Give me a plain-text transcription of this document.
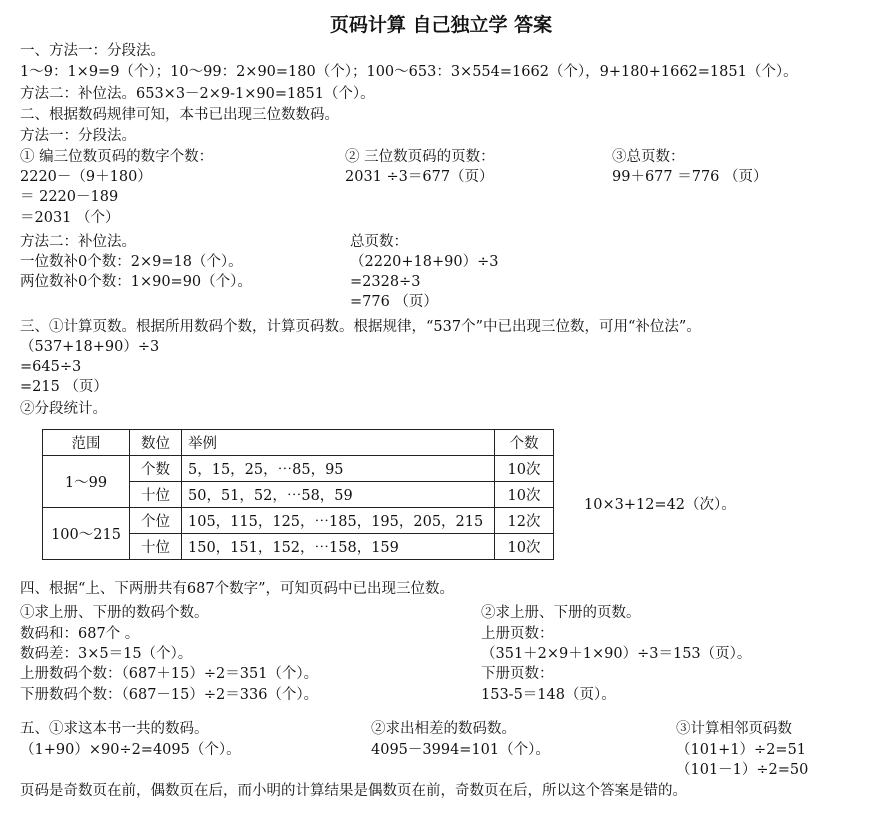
页码计算 自己独立学 答案
一、方法一：分段法。
1～9：1×9=9（个）；10～99：2×90=180（个）；100～653：3×554=1662（个），9+180+1662=1851（个）。
方法二：补位法。653×3－2×9-1×90=1851（个）。
二、根据数码规律可知，本书已出现三位数数码。
方法一：分段法。
① 编三位数页码的数字个数：
2220－（9＋180）
＝ 2220－189
＝2031 （个）
② 三位数页码的页数：
2031 ÷3＝677（页）
③总页数：
99＋677 ＝776 （页）
方法二：补位法。
一位数补0个数：2×9=18（个）。
两位数补0个数：1×90=90（个）。
总页数：
（2220+18+90）÷3
=2328÷3
=776 （页）
三、①计算页数。根据所用数码个数，计算页码数。根据规律，“537个”中已出现三位数，可用“补位法”。
（537+18+90）÷3
=645÷3
=215 （页）
②分段统计。
范围	数位	举例	个数
1～99	个数	5，15，25，⋯85，95	10次
	十位	50，51，52，⋯58，59	10次
100～215	个位	105，115，125，⋯185，195，205，215	12次
	十位	150，151，152，⋯158，159	10次
10×3+12=42（次）。
四、根据“上、下两册共有687个数字”，可知页码中已出现三位数。
①求上册、下册的数码个数。
数码和：687个 。
数码差：3×5＝15（个）。
上册数码个数：（687＋15）÷2＝351（个）。
下册数码个数：（687－15）÷2＝336（个）。
②求上册、下册的页数。
上册页数：
（351＋2×9＋1×90）÷3＝153（页）。
下册页数：
153-5＝148（页）。
五、①求这本书一共的数码。
（1+90）×90÷2=4095（个）。
②求出相差的数码数。
4095－3994=101（个）。
③计算相邻页码数
（101+1）÷2=51
（101－1）÷2=50
页码是奇数页在前，偶数页在后，而小明的计算结果是偶数页在前，奇数页在后，所以这个答案是错的。
